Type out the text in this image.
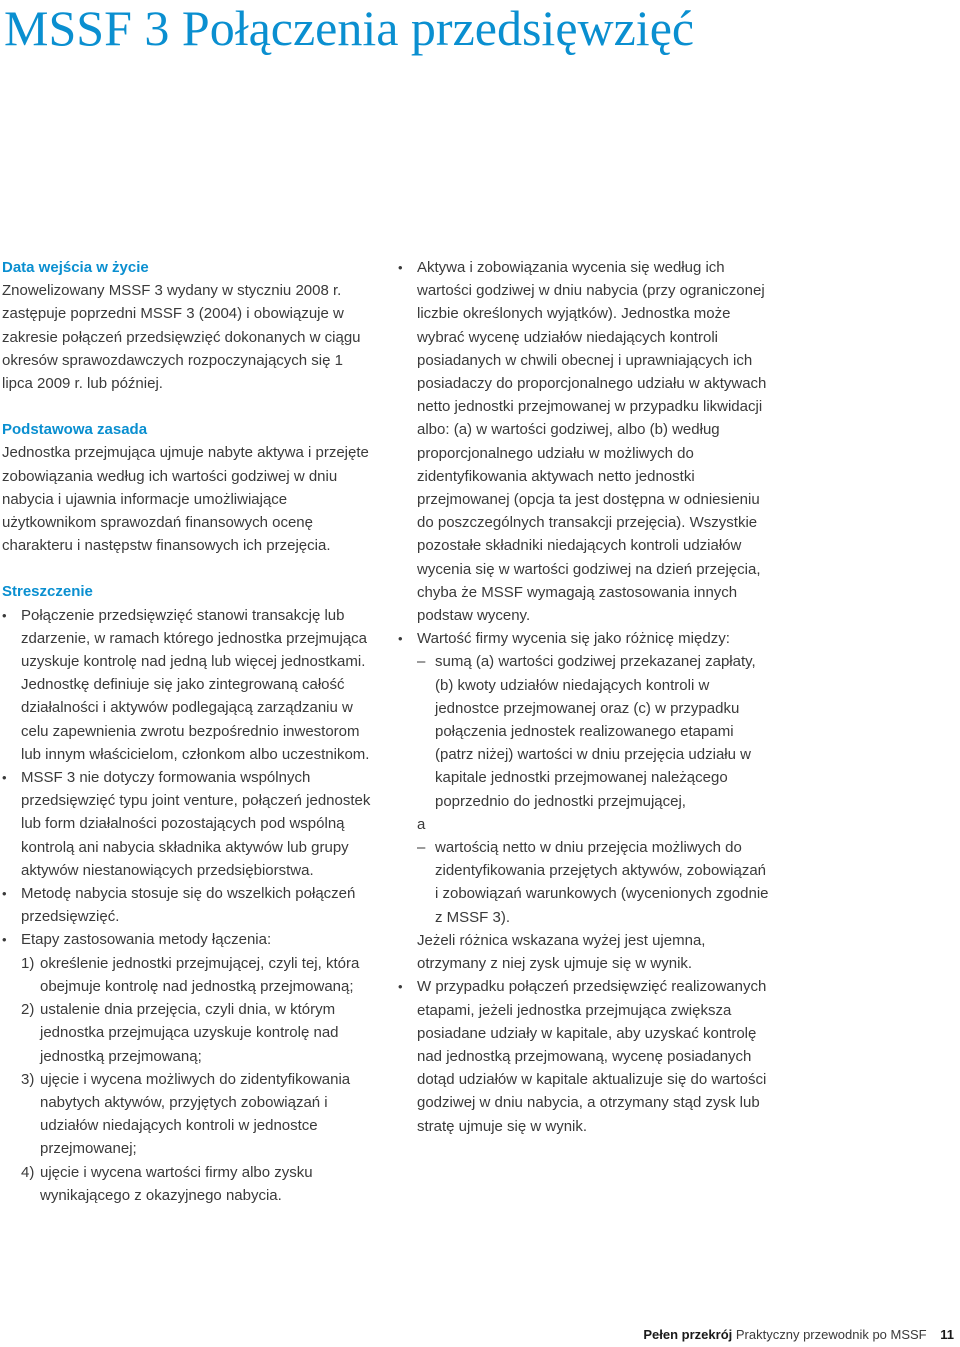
MSSF 3 Połączenia przedsięwzięć

Data wejścia w życie

Znowelizowany MSSF 3 wydany w styczniu 2008 r. zastępuje poprzedni MSSF 3 (2004) i obowiązuje w zakresie połączeń przedsięwzięć dokonanych w ciągu okresów sprawozdawczych rozpoczynających się 1 lipca 2009 r. lub później.

Podstawowa zasada

Jednostka przejmująca ujmuje nabyte aktywa i przejęte zobowiązania według ich wartości godziwej w dniu nabycia i ujawnia informacje umożliwiające użytkownikom sprawozdań finansowych ocenę charakteru i następstw finansowych ich przejęcia.

Streszczenie

• Połączenie przedsięwzięć stanowi transakcję lub zdarzenie, w ramach którego jednostka przejmująca uzyskuje kontrolę nad jedną lub więcej jednostkami. Jednostkę definiuje się jako zintegrowaną całość działalności i aktywów podlegającą zarządzaniu w celu zapewnienia zwrotu bezpośrednio inwestorom lub innym właścicielom, członkom albo uczestnikom.
• MSSF 3 nie dotyczy formowania wspólnych przedsięwzięć typu joint venture, połączeń jednostek lub form działalności pozostających pod wspólną kontrolą ani nabycia składnika aktywów lub grupy aktywów niestanowiących przedsiębiorstwa.
• Metodę nabycia stosuje się do wszelkich połączeń przedsięwzięć.
• Etapy zastosowania metody łączenia:
1) określenie jednostki przejmującej, czyli tej, która obejmuje kontrolę nad jednostką przejmowaną;
2) ustalenie dnia przejęcia, czyli dnia, w którym jednostka przejmująca uzyskuje kontrolę nad jednostką przejmowaną;
3) ujęcie i wycena możliwych do zidentyfikowania nabytych aktywów, przyjętych zobowiązań i udziałów niedających kontroli w jednostce przejmowanej;
4) ujęcie i wycena wartości firmy albo zysku wynikającego z okazyjnego nabycia.
• Aktywa i zobowiązania wycenia się według ich wartości godziwej w dniu nabycia (przy ograniczonej liczbie określonych wyjątków). Jednostka może wybrać wycenę udziałów niedających kontroli posiadanych w chwili obecnej i uprawniających ich posiadaczy do proporcjonalnego udziału w aktywach netto jednostki przejmowanej w przypadku likwidacji albo: (a) w wartości godziwej, albo (b) według proporcjonalnego udziału w możliwych do zidentyfikowania aktywach netto jednostki przejmowanej (opcja ta jest dostępna w odniesieniu do poszczególnych transakcji przejęcia). Wszystkie pozostałe składniki niedających kontroli udziałów wycenia się w wartości godziwej na dzień przejęcia, chyba że MSSF wymagają zastosowania innych podstaw wyceny.
• Wartość firmy wycenia się jako różnicę między:
– sumą (a) wartości godziwej przekazanej zapłaty, (b) kwoty udziałów niedających kontroli w jednostce przejmowanej oraz (c) w przypadku połączenia jednostek realizowanego etapami (patrz niżej) wartości w dniu przejęcia udziału w kapitale jednostki przejmowanej należącego poprzednio do jednostki przejmującej,

a

– wartością netto w dniu przejęcia możliwych do zidentyfikowania przejętych aktywów, zobowiązań i zobowiązań warunkowych (wycenionych zgodnie z MSSF 3).

Jeżeli różnica wskazana wyżej jest ujemna, otrzymany z niej zysk ujmuje się w wynik.

• W przypadku połączeń przedsięwzięć realizowanych etapami, jeżeli jednostka przejmująca zwiększa posiadane udziały w kapitale, aby uzyskać kontrolę nad jednostką przejmowaną, wycenę posiadanych dotąd udziałów w kapitale aktualizuje się do wartości godziwej w dniu nabycia, a otrzymany stąd zysk lub stratę ujmuje się w wynik.
Pełen przekrój Praktyczny przewodnik po MSSF 11
